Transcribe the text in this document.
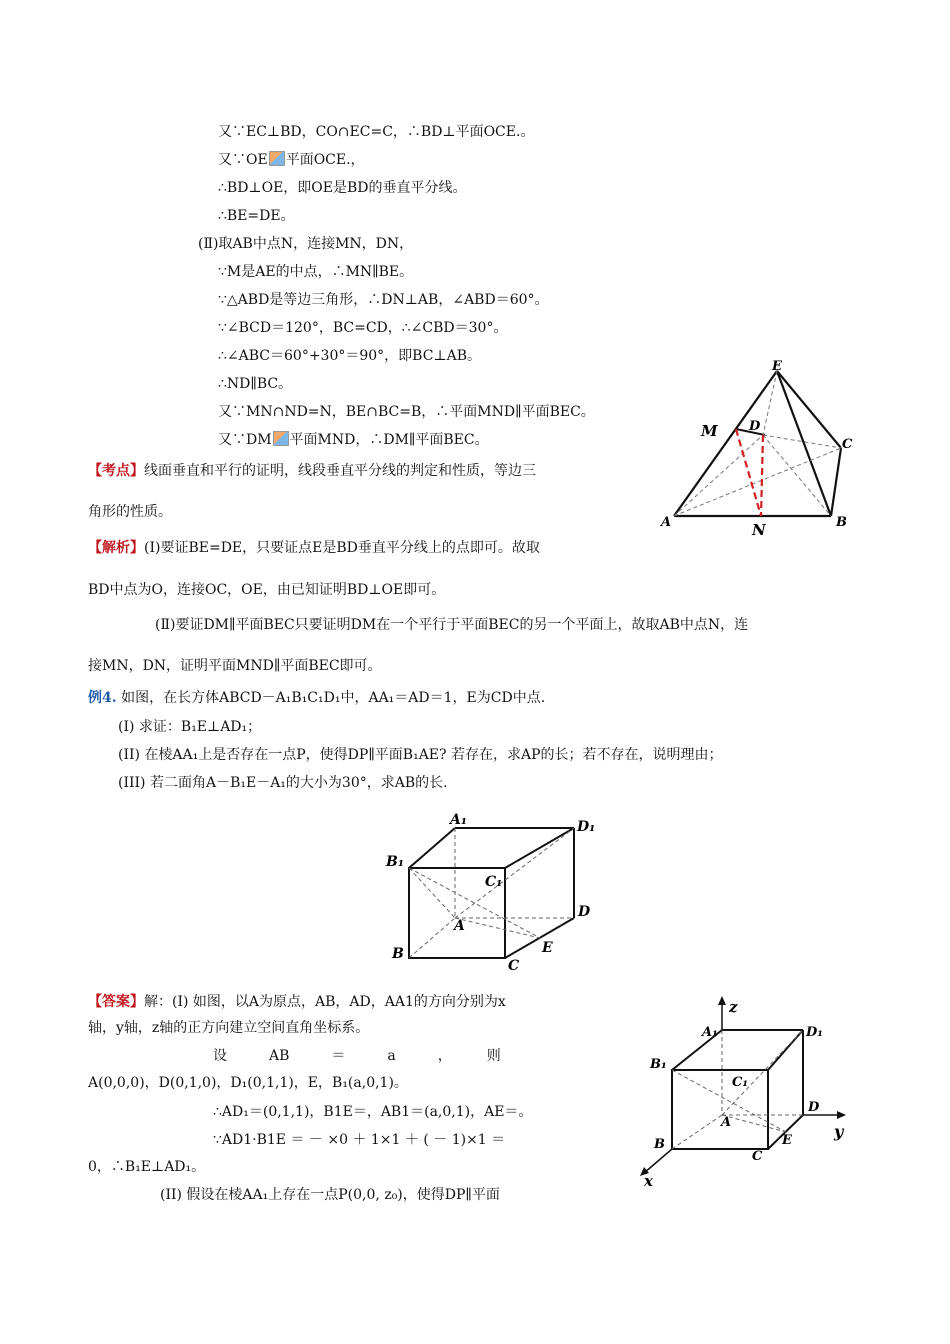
又∵EC⊥BD，CO∩EC=C，∴BD⊥平面OCE.。
又∵OE 平面OCE.，
∴BD⊥OE，即OE是BD的垂直平分线。
∴BE=DE。
(Ⅱ)取AB中点N，连接MN，DN，
∵M是AE的中点，∴MN∥BE。
∵△ABD是等边三角形，∴DN⊥AB，∠ABD＝60°。
∵∠BCD＝120°，BC=CD，∴∠CBD＝30°。
∴∠ABC＝60°+30°＝90°，即BC⊥AB。
∴ND∥BC。
又∵MN∩ND=N，BE∩BC=B，∴平面MND∥平面BEC。
又∵DM 平面MND，∴DM∥平面BEC。
E
M D
C
A	N	B
【考点】线面垂直和平行的证明，线段垂直平分线的判定和性质，等边三
角形的性质。
【解析】(Ⅰ)要证BE=DE，只要证点E是BD垂直平分线上的点即可。故取
BD中点为O，连接OC，OE，由已知证明BD⊥OE即可。
(Ⅱ)要证DM∥平面BEC只要证明DM在一个平行于平面BEC的另一个平面上，故取AB中点N，连
接MN，DN，证明平面MND∥平面BEC即可。
例4. 如图，在长方体ABCD－A₁B₁C₁D₁中，AA₁＝AD＝1，E为CD中点.
(I) 求证：B₁E⊥AD₁；
(II) 在棱AA₁上是否存在一点P，使得DP∥平面B₁AE? 若存在，求AP的长；若不存在，说明理由；
(III) 若二面角A－B₁E－A₁的大小为30°，求AB的长.
A₁	D₁
B₁
C₁
A
D
B
C
E
【答案】解：(I) 如图，以A为原点，AB，AD，AA1的方向分别为x
轴，y轴，z轴的正方向建立空间直角坐标系。
设　　　AB　　　＝　　　a　　　，　　　则
A(0,0,0)，D(0,1,0)，D₁(0,1,1)，E，B₁(a,0,1)。
∴AD₁＝(0,1,1)，B1E＝，AB1＝(a,0,1)，AE＝。
∵AD1·B1E ＝ － ×0 ＋ 1×1 ＋ ( － 1)×1 ＝
0，∴B₁E⊥AD₁。
(II) 假设在棱AA₁上存在一点P(0,0, z₀)，使得DP∥平面
z
A₁	D₁
B₁
C₁
A
D
y
B
C
E
x
